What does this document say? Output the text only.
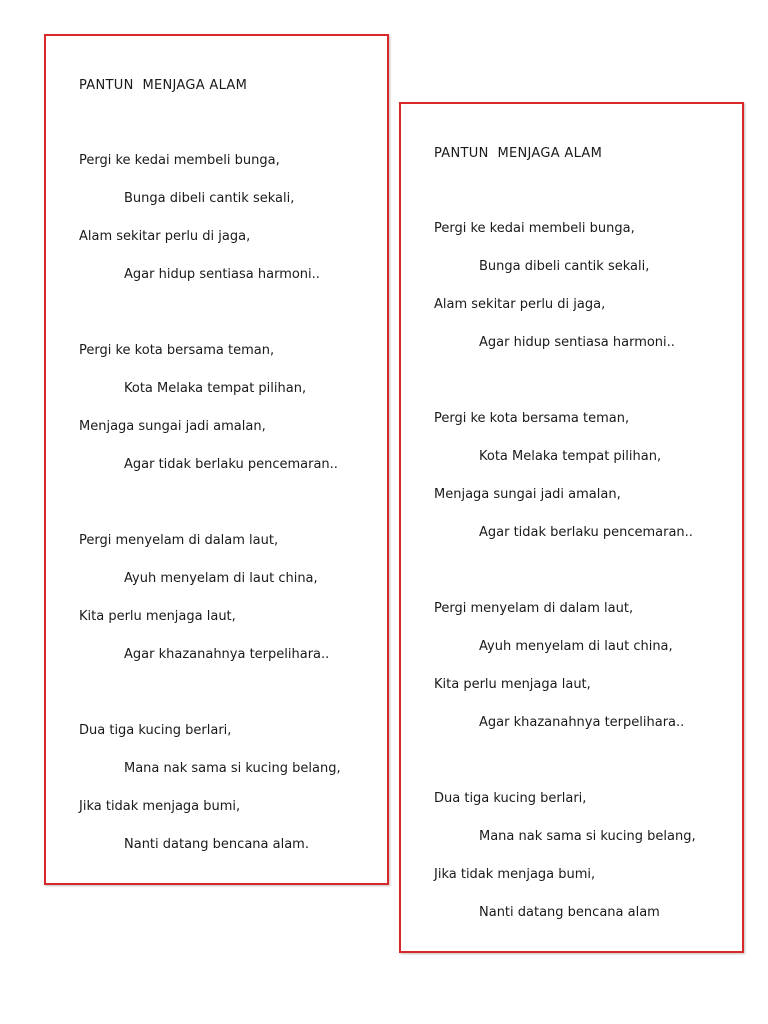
PANTUN  MENJAGA ALAM
Pergi ke kedai membeli bunga,
Bunga dibeli cantik sekali,
Alam sekitar perlu di jaga,
Agar hidup sentiasa harmoni..
Pergi ke kota bersama teman,
Kota Melaka tempat pilihan,
Menjaga sungai jadi amalan,
Agar tidak berlaku pencemaran..
Pergi menyelam di dalam laut,
Ayuh menyelam di laut china,
Kita perlu menjaga laut,
Agar khazanahnya terpelihara..
Dua tiga kucing berlari,
Mana nak sama si kucing belang,
Jika tidak menjaga bumi,
Nanti datang bencana alam.
PANTUN  MENJAGA ALAM
Pergi ke kedai membeli bunga,
Bunga dibeli cantik sekali,
Alam sekitar perlu di jaga,
Agar hidup sentiasa harmoni..
Pergi ke kota bersama teman,
Kota Melaka tempat pilihan,
Menjaga sungai jadi amalan,
Agar tidak berlaku pencemaran..
Pergi menyelam di dalam laut,
Ayuh menyelam di laut china,
Kita perlu menjaga laut,
Agar khazanahnya terpelihara..
Dua tiga kucing berlari,
Mana nak sama si kucing belang,
Jika tidak menjaga bumi,
Nanti datang bencana alam
